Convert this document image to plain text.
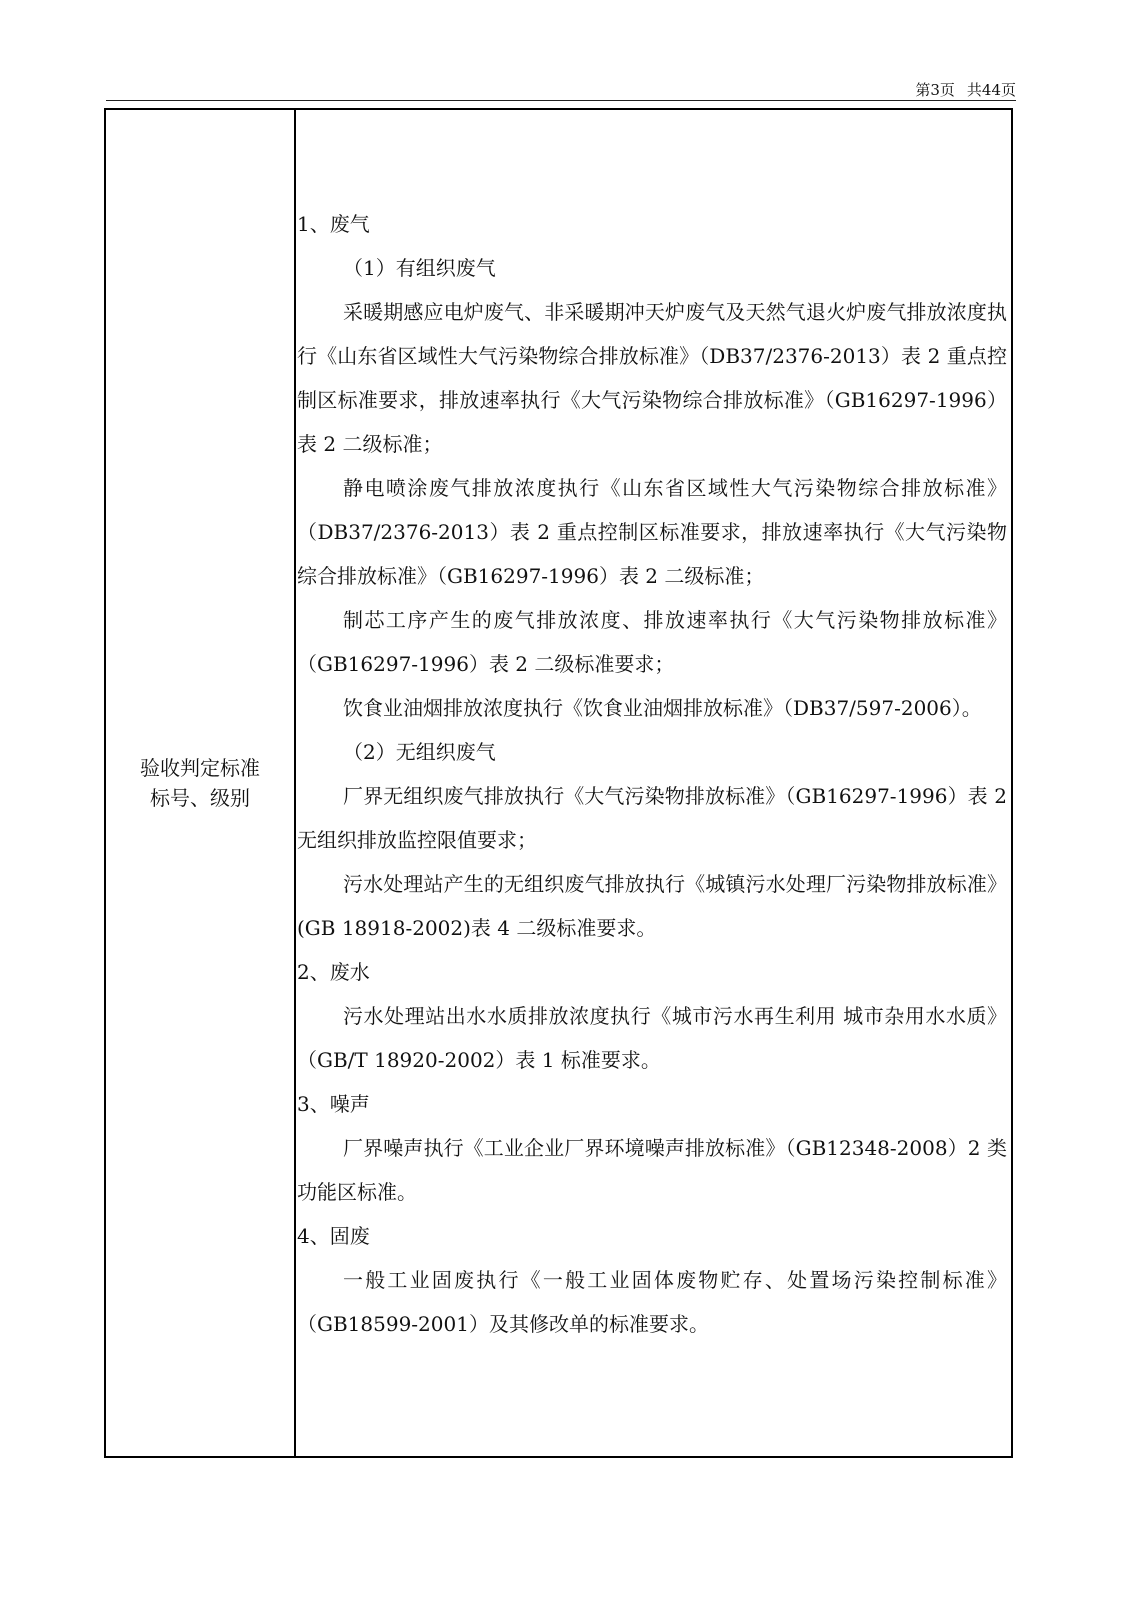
第3页 共44页
验收判定标准
标号、级别

1、废气

（1）有组织废气

采暖期感应电炉废气、非采暖期冲天炉废气及天然气退火炉废气排放浓度执行《山东省区域性大气污染物综合排放标准》（DB37/2376-2013）表 2 重点控制区标准要求，排放速率执行《大气污染物综合排放标准》（GB16297-1996）表 2 二级标准；

静电喷涂废气排放浓度执行《山东省区域性大气污染物综合排放标准》（DB37/2376-2013）表 2 重点控制区标准要求，排放速率执行《大气污染物综合排放标准》（GB16297-1996）表 2 二级标准；

制芯工序产生的废气排放浓度、排放速率执行《大气污染物排放标准》（GB16297-1996）表 2 二级标准要求；

饮食业油烟排放浓度执行《饮食业油烟排放标准》（DB37/597-2006）。

（2）无组织废气

厂界无组织废气排放执行《大气污染物排放标准》（GB16297-1996）表 2 无组织排放监控限值要求；

污水处理站产生的无组织废气排放执行《城镇污水处理厂污染物排放标准》(GB 18918-2002)表 4 二级标准要求。

2、废水

污水处理站出水水质排放浓度执行《城市污水再生利用 城市杂用水水质》（GB/T 18920-2002）表 1 标准要求。

3、噪声

厂界噪声执行《工业企业厂界环境噪声排放标准》（GB12348-2008）2 类功能区标准。

4、固废

一般工业固废执行《一般工业固体废物贮存、处置场污染控制标准》（GB18599-2001）及其修改单的标准要求。
